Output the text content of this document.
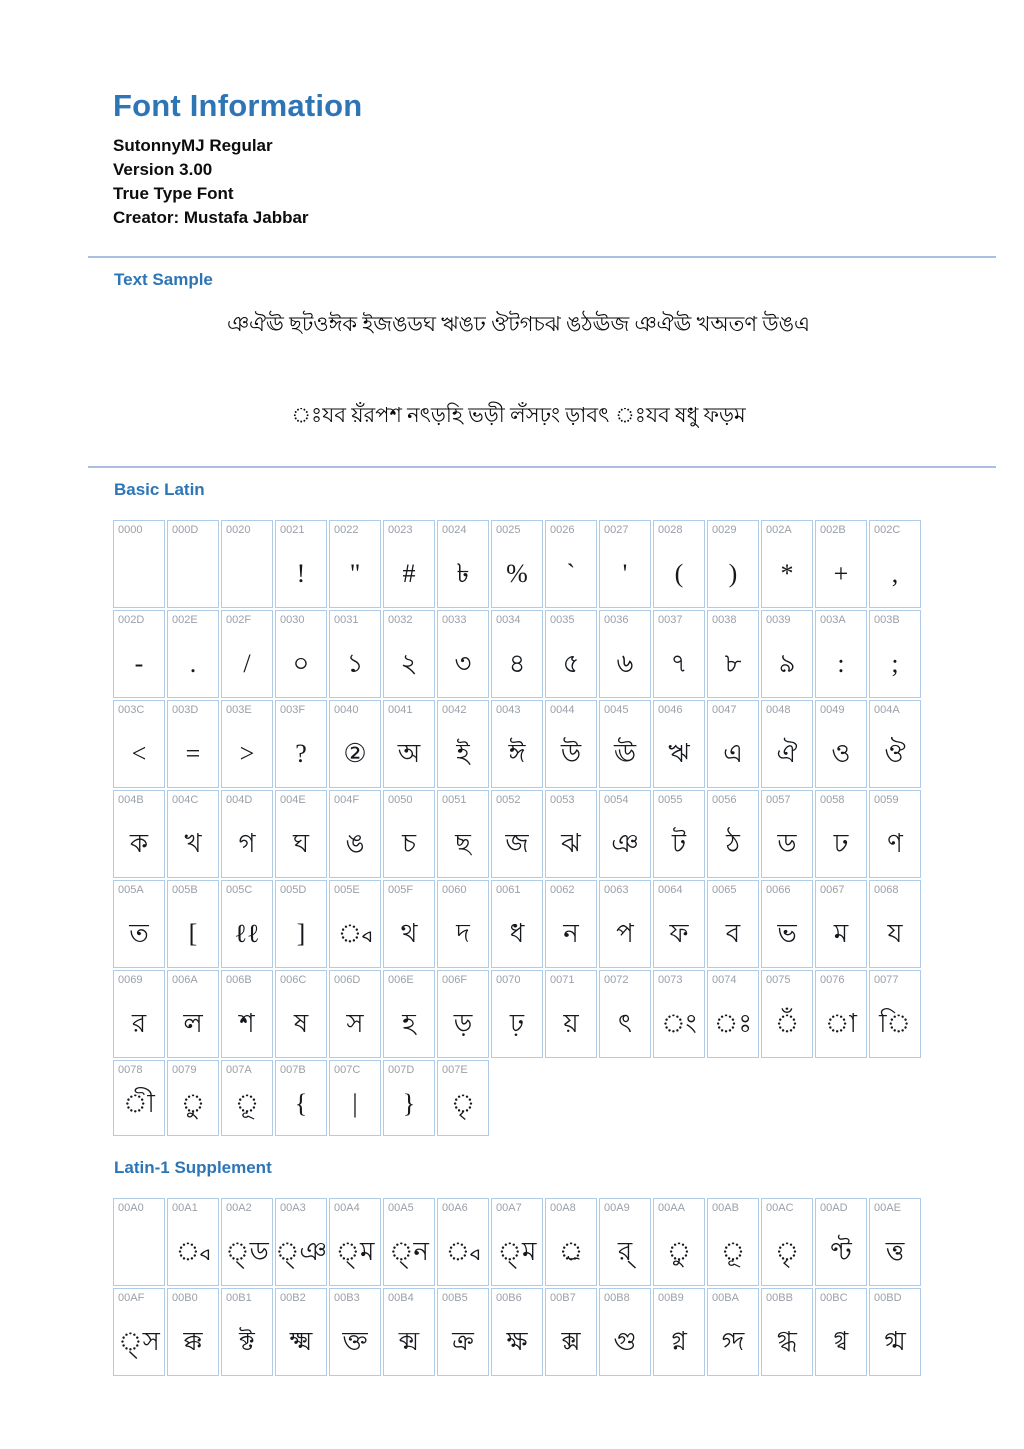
Font Information
SutonnyMJ Regular
Version 3.00
True Type Font
Creator: Mustafa Jabbar
Text Sample
ঞঐঊ ছটওঈক ইজঙডঘ ঋঙঢ ঔটগচঝ ঙঠঊজ ঞঐঊ খঅতণ উঙএ
ঃযব য়ঁরপশ নৎড়হি ভড়ী লঁসঢ়ং ড়াবৎ ঃযব ষধু ফড়ম
Basic Latin
0000	000D	0020	0021
!
0022
"
0023
#
0024
৳
0025
%
0026
`
0027
'
0028
(
0029
)
002A
*
002B
+
002C
,
002D
-
002E
.
002F
/
0030
০
0031
১
0032
২
0033
৩
0034
৪
0035
৫
0036
৬
0037
৭
0038
৮
0039
৯
003A
:
003B
;
003C
<
003D
=
003E
>
003F
?
0040
②
0041
অ
0042
ই
0043
ঈ
0044
উ
0045
ঊ
0046
ঋ
0047
এ
0048
ঐ
0049
ও
004A
ঔ
004B
ক
004C
খ
004D
গ
004E
ঘ
004F
ঙ
0050
চ
0051
ছ
0052
জ
0053
ঝ
0054
ঞ
0055
ট
0056
ঠ
0057
ড
0058
ঢ
0059
ণ
005A
ত
005B
[
005C
ℓℓ
005D
]
005E
্ব
005F
থ
0060
দ
0061
ধ
0062
ন
0063
প
0064
ফ
0065
ব
0066
ভ
0067
ম
0068
য
0069
র
006A
ল
006B
শ
006C
ষ
006D
স
006E
হ
006F
ড়
0070
ঢ়
0071
য়
0072
ৎ
0073
ং
0074
ঃ
0075
ঁ
0076
া
0077
ি
0078
ী
0079
ু
007A
ূ
007B
{
007C
|
007D
}
007E
ৃ
Latin-1 Supplement
00A0	00A1
্ব
00A2
্ড
00A3
্ঞ
00A4
্ম
00A5
্ন
00A6
্ব
00A7
্ম
00A8
্র
00A9
র্
00AA
ু
00AB
ূ
00AC
ৃ
00AD
ণ্ট
00AE
ত্ত
00AF
্স
00B0
ক্ক
00B1
ক্ট
00B2
ক্ষ্ম
00B3
ক্ত
00B4
ক্ম
00B5
ক্র
00B6
ক্ষ
00B7
ক্স
00B8
গু
00B9
গ্ন
00BA
গ্দ
00BB
গ্ধ
00BC
গ্ব
00BD
গ্ম
